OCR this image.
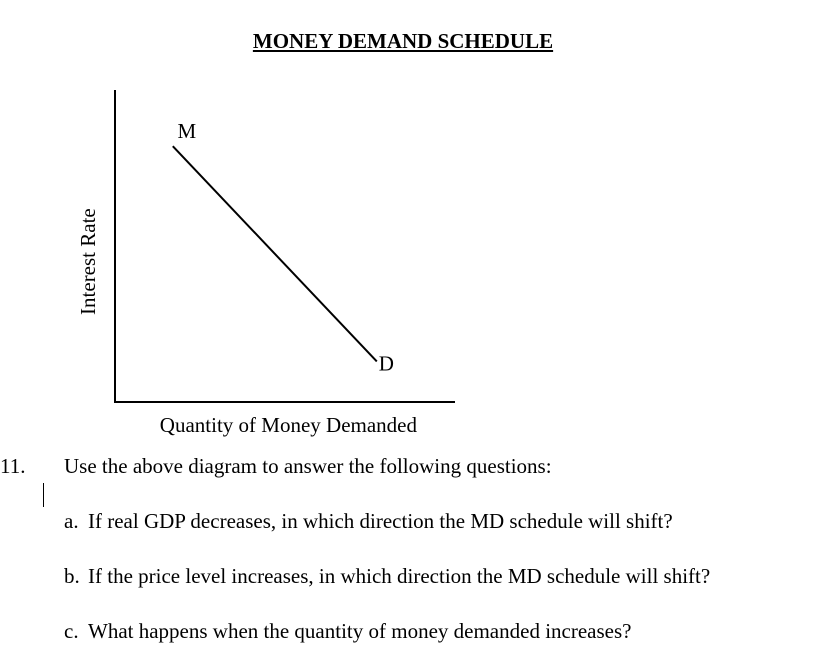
MONEY DEMAND SCHEDULE
M
D
Quantity of Money Demanded
Interest Rate
11. Use the above diagram to answer the following questions:
a. If real GDP decreases, in which direction the MD schedule will shift?
b. If the price level increases, in which direction the MD schedule will shift?
c. What happens when the quantity of money demanded increases?
